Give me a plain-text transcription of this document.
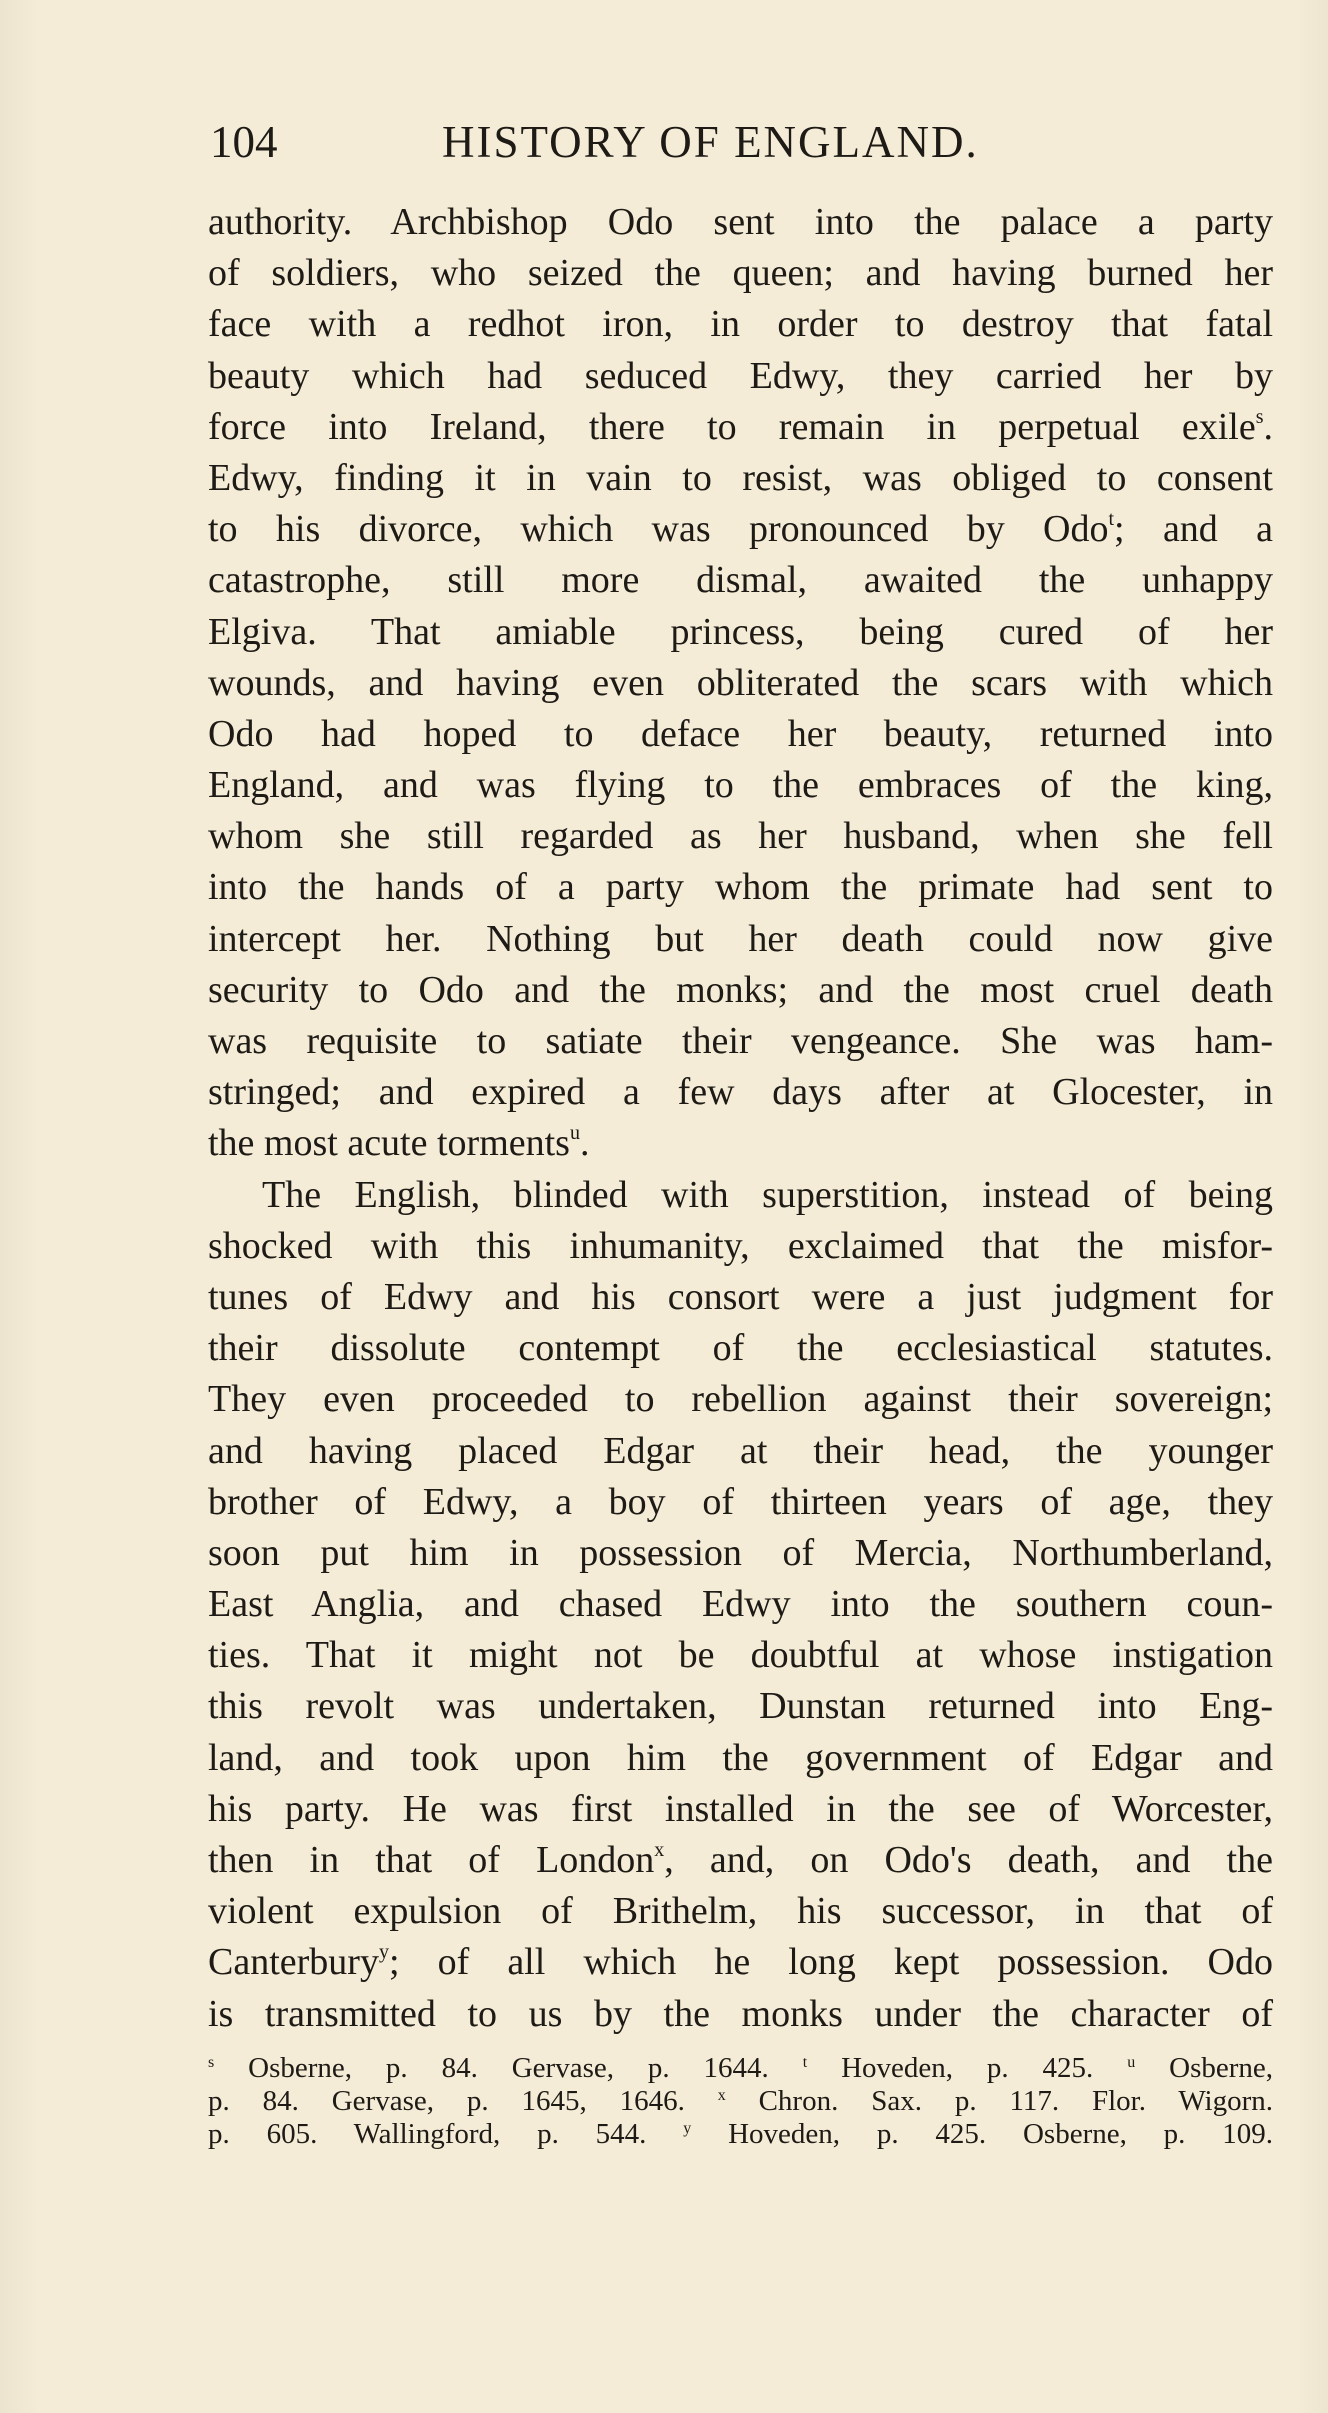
104	HISTORY OF ENGLAND.
authority. Archbishop Odo sent into the palace a party
of soldiers, who seized the queen; and having burned her
face with a redhot iron, in order to destroy that fatal
beauty which had seduced Edwy, they carried her by
force into Ireland, there to remain in perpetual exile$^s$.
Edwy, finding it in vain to resist, was obliged to consent
to his divorce, which was pronounced by Odo$^t$; and a
catastrophe, still more dismal, awaited the unhappy
Elgiva. That amiable princess, being cured of her
wounds, and having even obliterated the scars with which
Odo had hoped to deface her beauty, returned into
England, and was flying to the embraces of the king,
whom she still regarded as her husband, when she fell
into the hands of a party whom the primate had sent to
intercept her. Nothing but her death could now give
security to Odo and the monks; and the most cruel death
was requisite to satiate their vengeance. She was ham-
stringed; and expired a few days after at Glocester, in
the most acute torments$^u$.
The English, blinded with superstition, instead of being
shocked with this inhumanity, exclaimed that the misfor-
tunes of Edwy and his consort were a just judgment for
their dissolute contempt of the ecclesiastical statutes.
They even proceeded to rebellion against their sovereign;
and having placed Edgar at their head, the younger
brother of Edwy, a boy of thirteen years of age, they
soon put him in possession of Mercia, Northumberland,
East Anglia, and chased Edwy into the southern coun-
ties. That it might not be doubtful at whose instigation
this revolt was undertaken, Dunstan returned into Eng-
land, and took upon him the government of Edgar and
his party. He was first installed in the see of Worcester,
then in that of London$^x$, and, on Odo's death, and the
violent expulsion of Brithelm, his successor, in that of
Canterbury$^y$; of all which he long kept possession. Odo
is transmitted to us by the monks under the character of
$^s$ Osberne, p. 84. Gervase, p. 1644. $^t$ Hoveden, p. 425. $^u$ Osberne,
p. 84. Gervase, p. 1645, 1646. $^x$ Chron. Sax. p. 117. Flor. Wigorn.
p. 605. Wallingford, p. 544. $^y$ Hoveden, p. 425. Osberne, p. 109.
